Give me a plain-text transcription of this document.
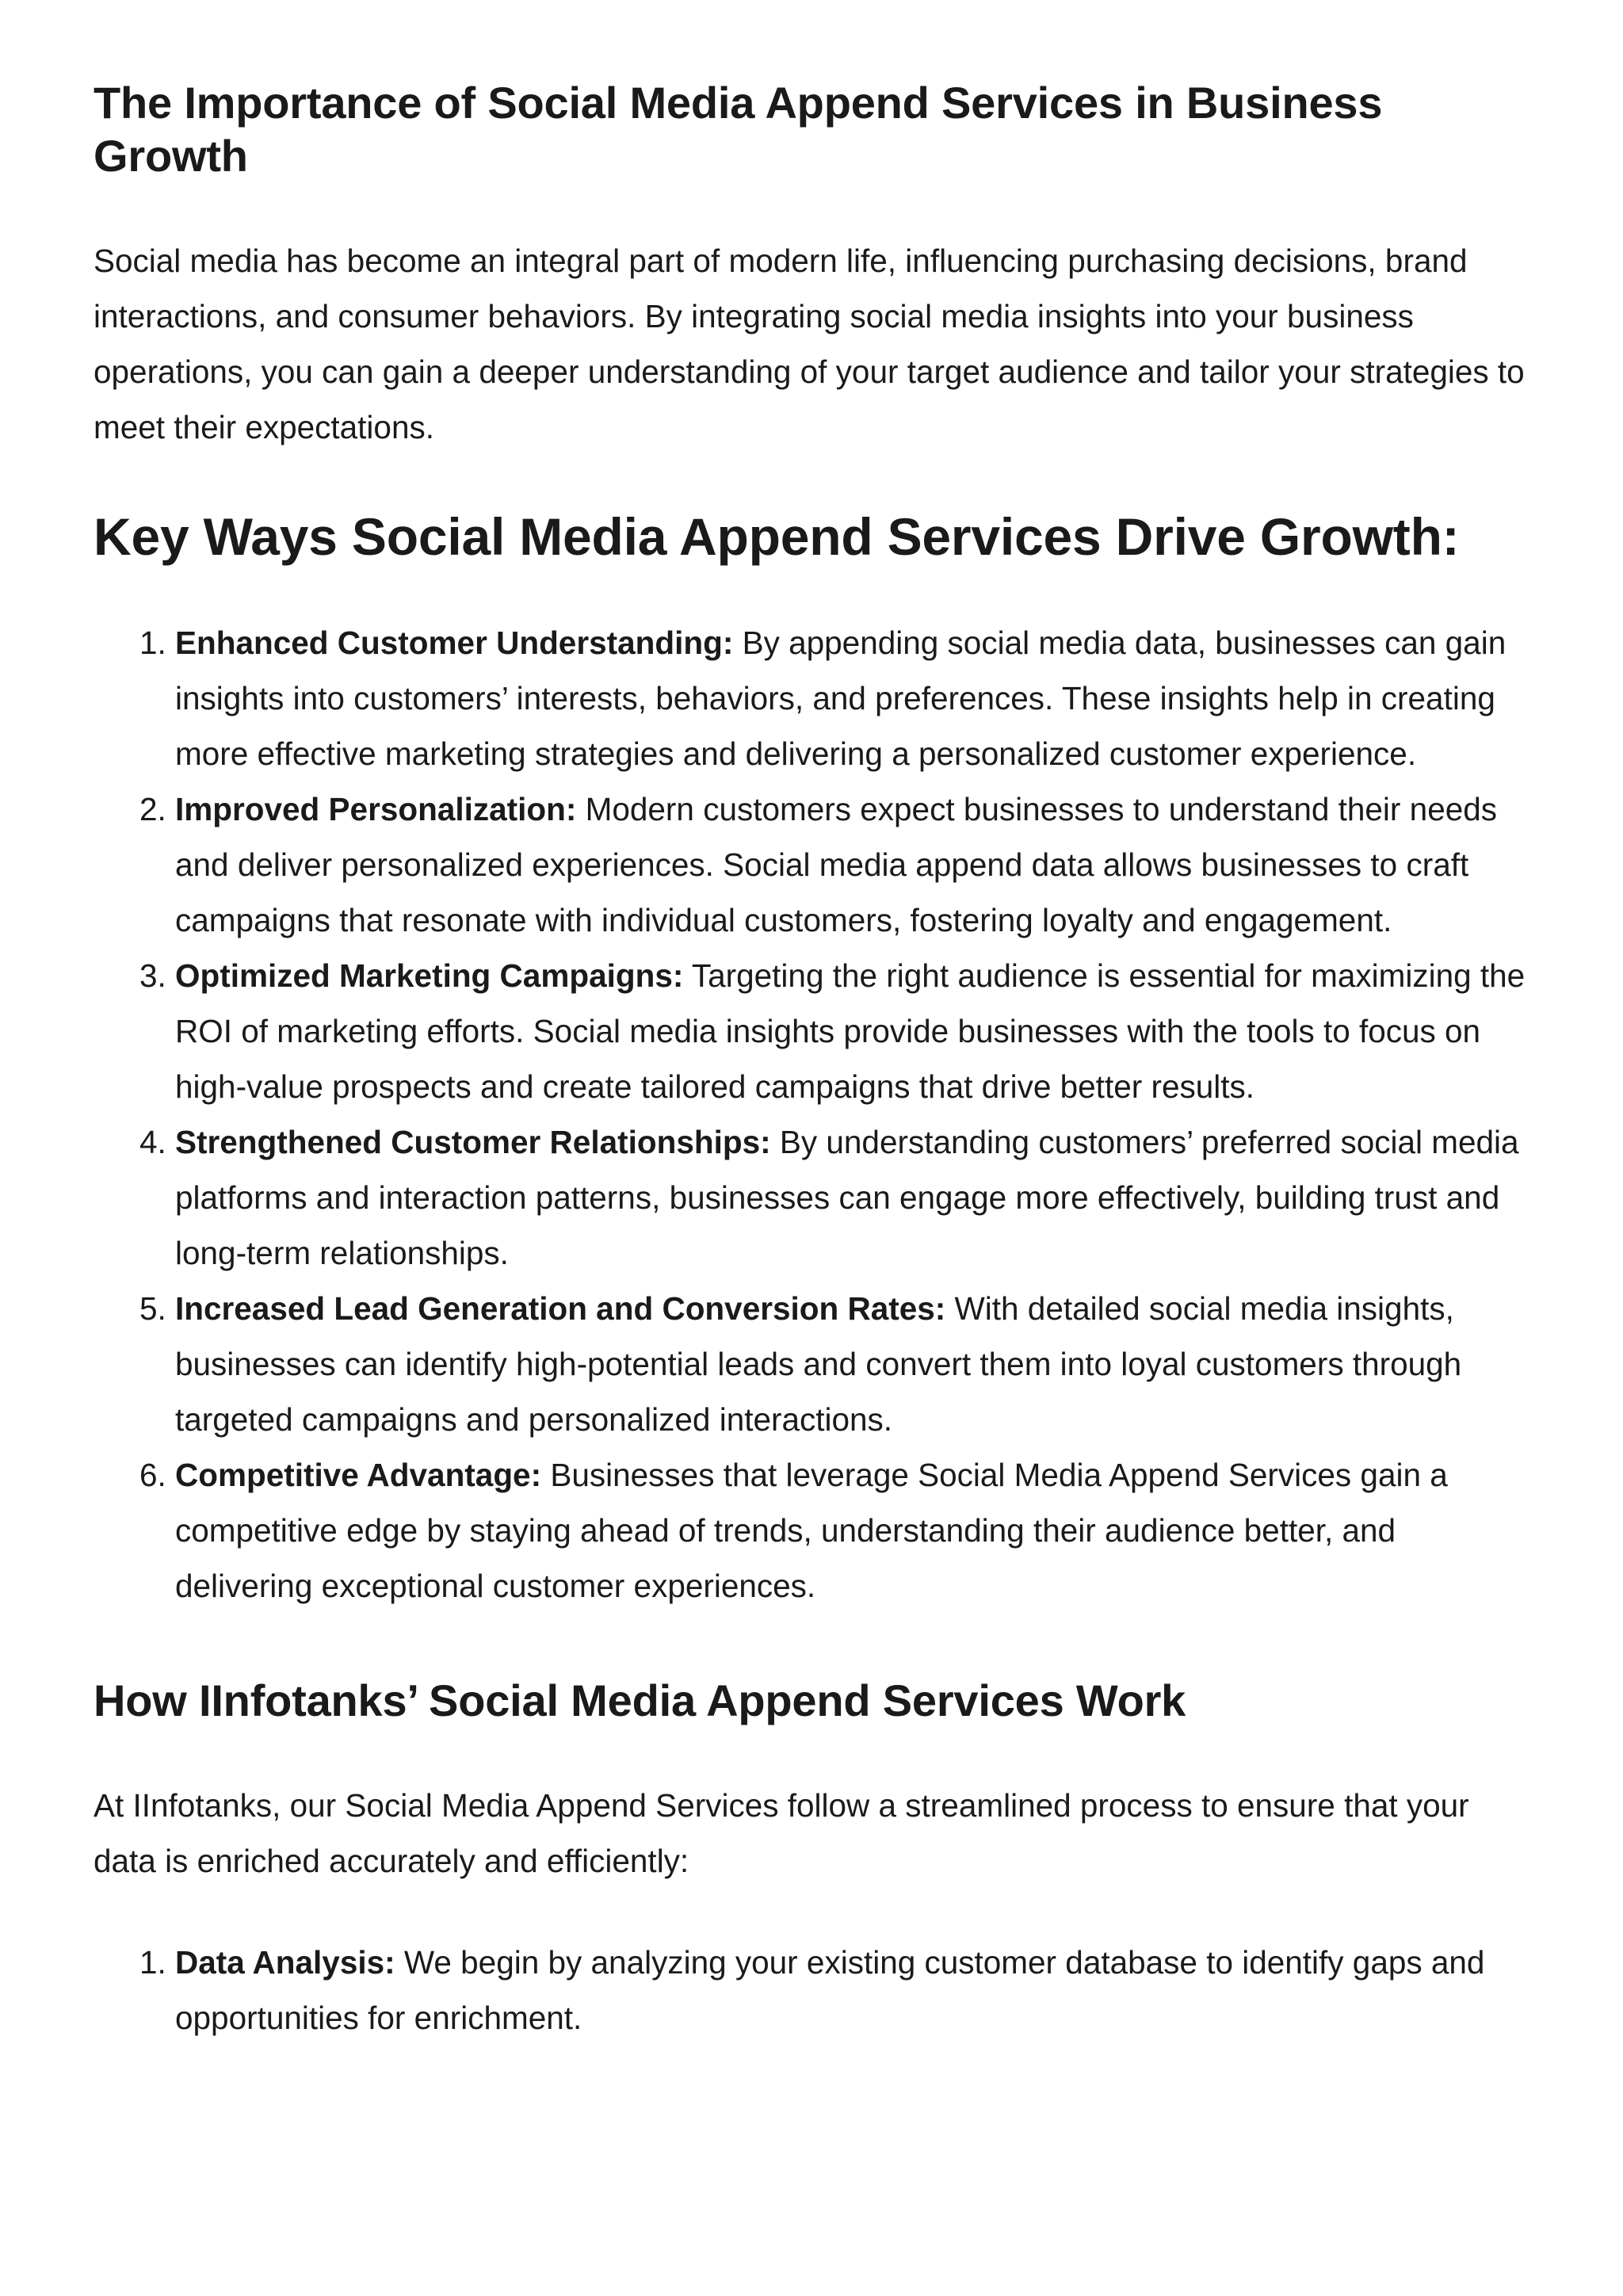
The Importance of Social Media Append Services in Business Growth

Social media has become an integral part of modern life, influencing purchasing decisions, brand interactions, and consumer behaviors. By integrating social media insights into your business operations, you can gain a deeper understanding of your target audience and tailor your strategies to meet their expectations.

Key Ways Social Media Append Services Drive Growth:
1. Enhanced Customer Understanding: By appending social media data, businesses can gain insights into customers’ interests, behaviors, and preferences. These insights help in creating more effective marketing strategies and delivering a personalized customer experience.
2. Improved Personalization: Modern customers expect businesses to understand their needs and deliver personalized experiences. Social media append data allows businesses to craft campaigns that resonate with individual customers, fostering loyalty and engagement.
3. Optimized Marketing Campaigns: Targeting the right audience is essential for maximizing the ROI of marketing efforts. Social media insights provide businesses with the tools to focus on high-value prospects and create tailored campaigns that drive better results.
4. Strengthened Customer Relationships: By understanding customers’ preferred social media platforms and interaction patterns, businesses can engage more effectively, building trust and long-term relationships.
5. Increased Lead Generation and Conversion Rates: With detailed social media insights, businesses can identify high-potential leads and convert them into loyal customers through targeted campaigns and personalized interactions.
6. Competitive Advantage: Businesses that leverage Social Media Append Services gain a competitive edge by staying ahead of trends, understanding their audience better, and delivering exceptional customer experiences.
How IInfotanks’ Social Media Append Services Work

At IInfotanks, our Social Media Append Services follow a streamlined process to ensure that your data is enriched accurately and efficiently:

1. Data Analysis: We begin by analyzing your existing customer database to identify gaps and opportunities for enrichment.
